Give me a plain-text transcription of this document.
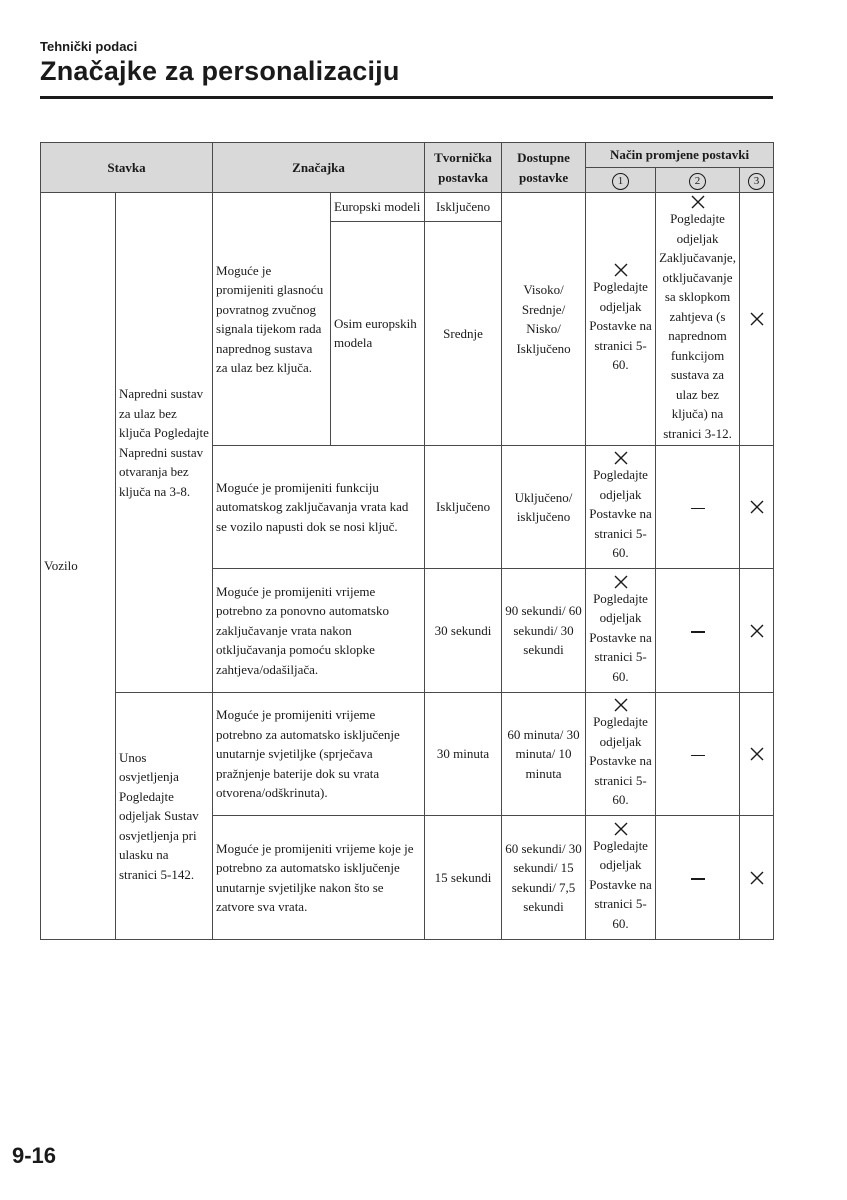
Tehnički podaci
Značajke za personalizaciju
Stavka		Značajka		Tvornička postavka	Dostupne postavke	Način promjene postavki		
						1	2	3
Vozilo	Napredni sustav za ulaz bez ključa Pogledajte Napredni sustav otvaranja bez ključa na 3-8.	Moguće je promijeniti glasnoću povratnog zvučnog signala tijekom rada naprednog sustava za ulaz bez ključa.	Europski modeli	Isključeno	Visoko/ Srednje/ Nisko/ Isključeno	Pogledajte odjeljak Postavke na stranici 5-60.	Pogledajte odjeljak Zaključavanje, otključavanje sa sklopkom zahtjeva (s naprednom funkcijom sustava za ulaz bez ključa) na stranici 3-12.	

			Osim europskih modela	Srednje				
		Moguće je promijeniti funkciju automatskog zaključavanja vrata kad se vozilo napusti dok se nosi ključ.		Isključeno	Uključeno/ isključeno	Pogledajte odjeljak Postavke na stranici 5-60.		

		Moguće je promijeniti vrijeme potrebno za ponovno automatsko zaključavanje vrata nakon otključavanja pomoću sklopke zahtjeva/odašiljača.		30 sekundi	90 sekundi/ 60 sekundi/ 30 sekundi	Pogledajte odjeljak Postavke na stranici 5-60.		

	Unos osvjetljenja Pogledajte odjeljak Sustav osvjetljenja pri ulasku na stranici 5-142.	Moguće je promijeniti vrijeme potrebno za automatsko isključenje unutarnje svjetiljke (sprječava pražnjenje baterije dok su vrata otvorena/odškrinuta).		30 minuta	60 minuta/ 30 minuta/ 10 minuta	Pogledajte odjeljak Postavke na stranici 5-60.		

		Moguće je promijeniti vrijeme koje je potrebno za automatsko isključenje unutarnje svjetiljke nakon što se zatvore sva vrata.		15 sekundi	60 sekundi/ 30 sekundi/ 15 sekundi/ 7,5 sekundi	Pogledajte odjeljak Postavke na stranici 5-60.		
9-16
